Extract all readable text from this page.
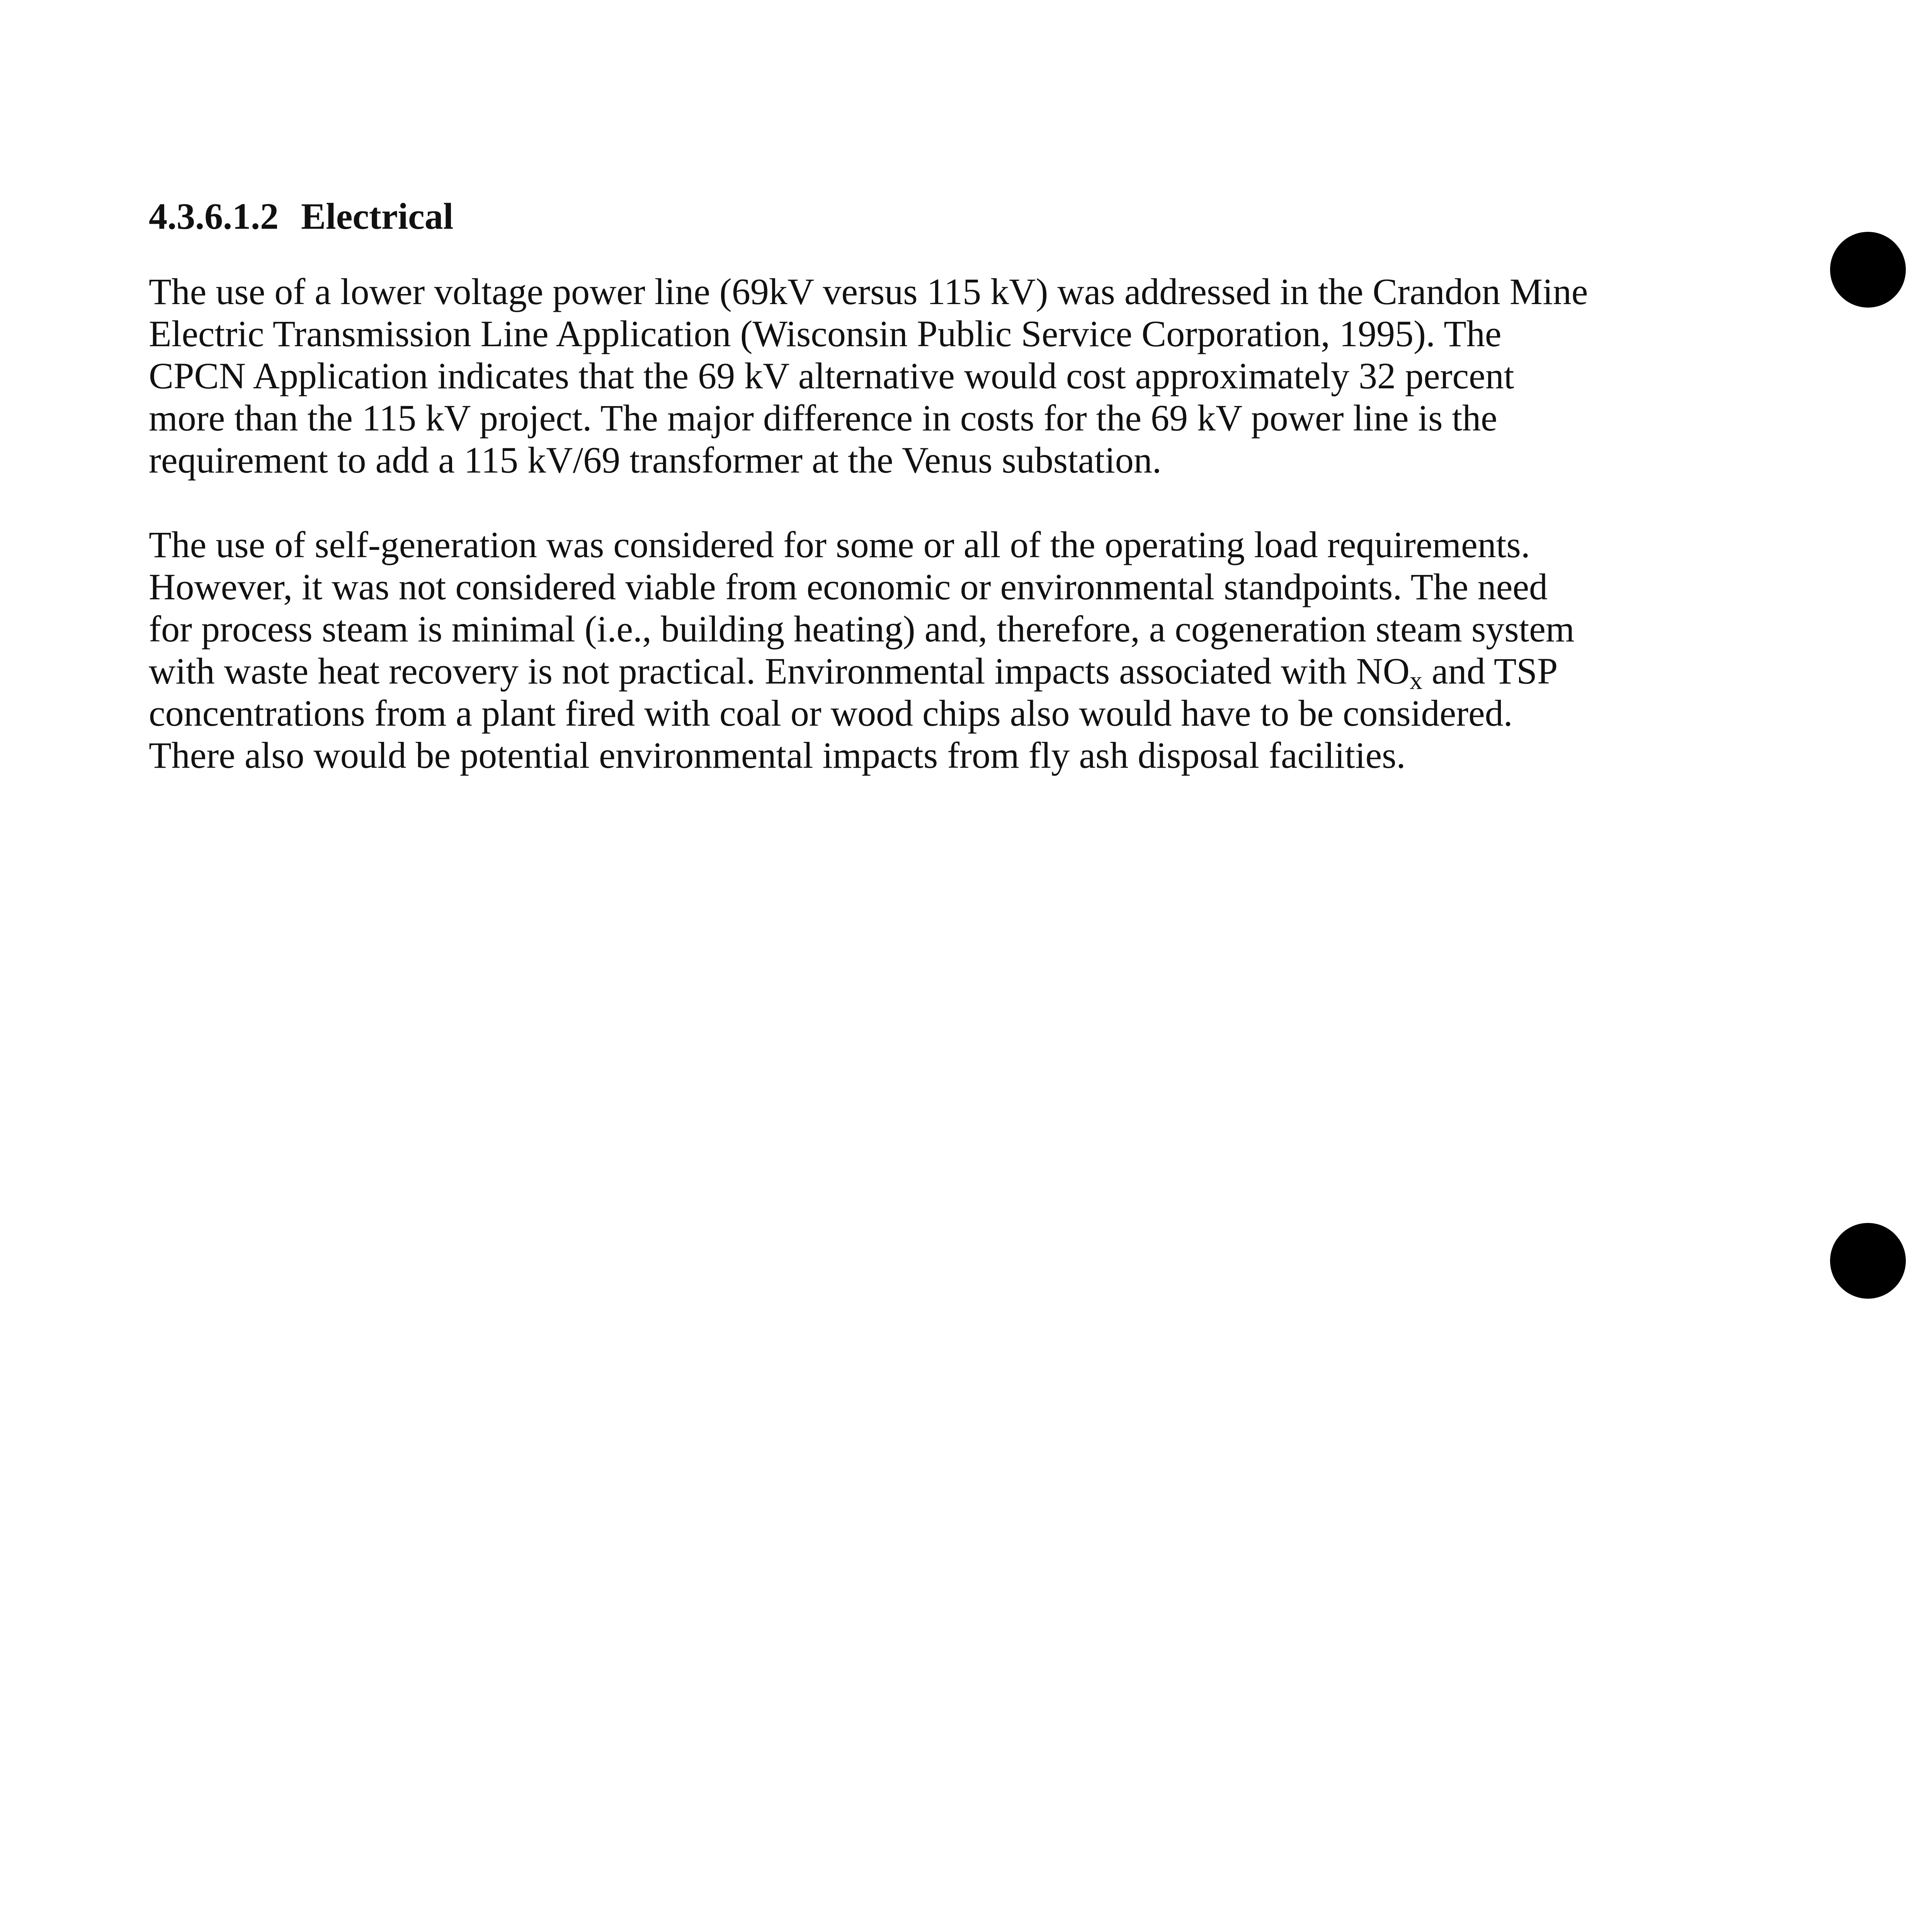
4.3.6.1.2 Electrical

The use of a lower voltage power line (69kV versus 115 kV) was addressed in the Crandon Mine
Electric Transmission Line Application (Wisconsin Public Service Corporation, 1995). The
CPCN Application indicates that the 69 kV alternative would cost approximately 32 percent
more than the 115 kV project. The major difference in costs for the 69 kV power line is the
requirement to add a 115 kV/69 transformer at the Venus substation.

The use of self-generation was considered for some or all of the operating load requirements.
However, it was not considered viable from economic or environmental standpoints. The need
for process steam is minimal (i.e., building heating) and, therefore, a cogeneration steam system
with waste heat recovery is not practical. Environmental impacts associated with $NO_x$ and TSP
concentrations from a plant fired with coal or wood chips also would have to be considered.
There also would be potential environmental impacts from fly ash disposal facilities.
